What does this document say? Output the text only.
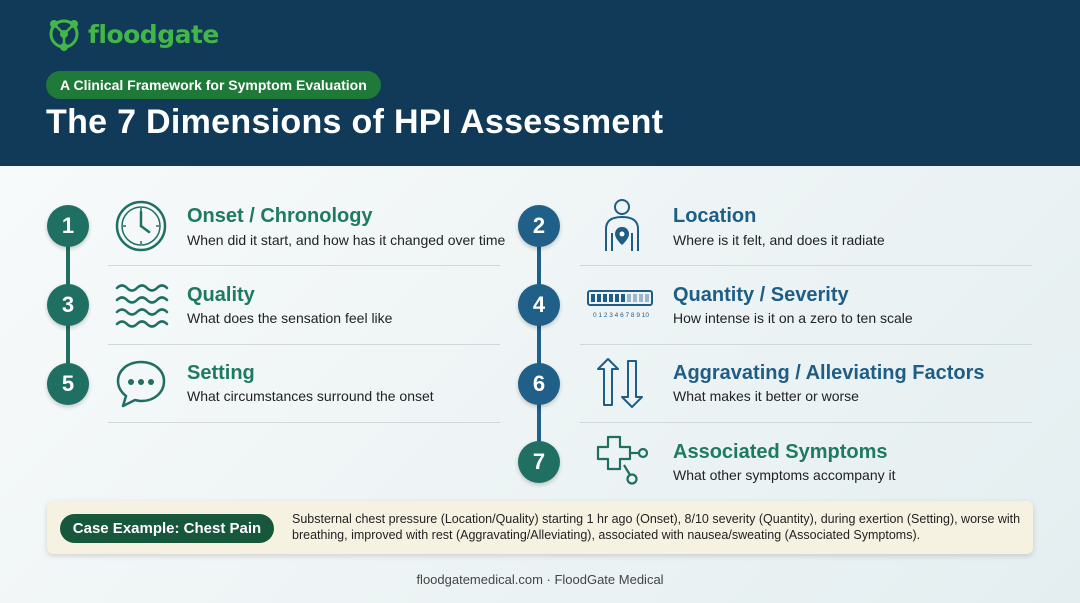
floodgate
A Clinical Framework for Symptom Evaluation
The 7 Dimensions of HPI Assessment
1	Onset / Chronology
When did it start, and how has it changed over time
2	Location
Where is it felt, and does it radiate
3	Quality
What does the sensation feel like
4	0 1 2 3 4 6 7 8 9 10
Quantity / Severity
How intense is it on a zero to ten scale
5	Setting
What circumstances surround the onset	6	Aggravating / Alleviating Factors
What makes it better or worse
7	Associated Symptoms
What other symptoms accompany it
Case Example: Chest Pain
Substernal chest pressure (Location/Quality) starting 1 hr ago (Onset), 8/10 severity (Quantity), during exertion (Setting), worse with breathing, improved with rest (Aggravating/Alleviating), associated with nausea/sweating (Associated Symptoms).
floodgatemedical.com · FloodGate Medical
